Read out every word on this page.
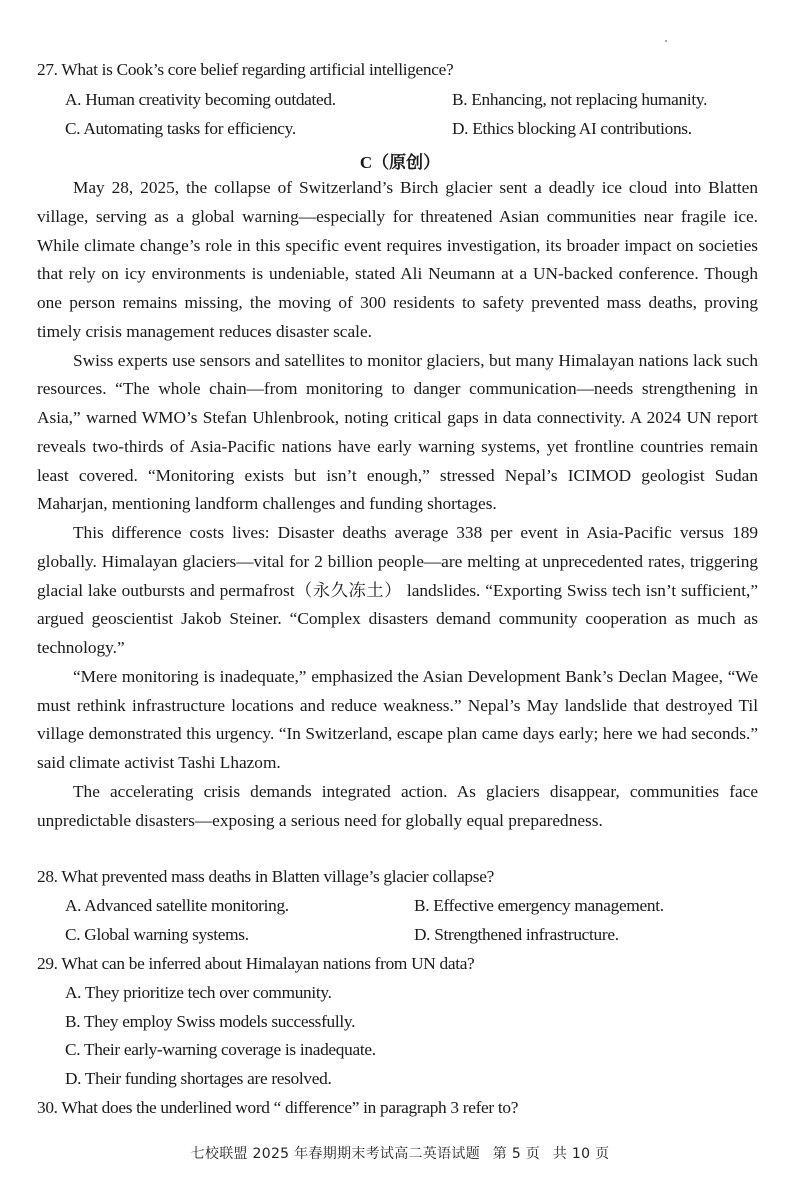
27. What is Cook’s core belief regarding artificial intelligence?
A. Human creativity becoming outdated.	B. Enhancing, not replacing humanity.
C. Automating tasks for efficiency.	D. Ethics blocking AI contributions.
C（原创）

May 28, 2025, the collapse of Switzerland’s Birch glacier sent a deadly ice cloud into Blatten village, serving as a global warning—especially for threatened Asian communities near fragile ice. While climate change’s role in this specific event requires investigation, its broader impact on societies that rely on icy environments is undeniable, stated Ali Neumann at a UN-backed conference. Though one person remains missing, the moving of 300 residents to safety prevented mass deaths, proving timely crisis management reduces disaster scale.

Swiss experts use sensors and satellites to monitor glaciers, but many Himalayan nations lack such resources. “The whole chain—from monitoring to danger communication—needs strengthening in Asia,” warned WMO’s Stefan Uhlenbrook, noting critical gaps in data connectivity. A 2024 UN report reveals two-thirds of Asia-Pacific nations have early warning systems, yet frontline countries remain least covered. “Monitoring exists but isn’t enough,” stressed Nepal’s ICIMOD geologist Sudan Maharjan, mentioning landform challenges and funding shortages.

This difference costs lives: Disaster deaths average 338 per event in Asia-Pacific versus 189 globally. Himalayan glaciers—vital for 2 billion people—are melting at unprecedented rates, triggering glacial lake outbursts and permafrost（永久冻土） landslides. “Exporting Swiss tech isn’t sufficient,” argued geoscientist Jakob Steiner. “Complex disasters demand community cooperation as much as technology.”

“Mere monitoring is inadequate,” emphasized the Asian Development Bank’s Declan Magee, “We must rethink infrastructure locations and reduce weakness.” Nepal’s May landslide that destroyed Til village demonstrated this urgency. “In Switzerland, escape plan came days early; here we had seconds.” said climate activist Tashi Lhazom.

The accelerating crisis demands integrated action. As glaciers disappear, communities face unpredictable disasters—exposing a serious need for globally equal preparedness.

28. What prevented mass deaths in Blatten village’s glacier collapse?
A. Advanced satellite monitoring.	B. Effective emergency management.
C. Global warning systems.	D. Strengthened infrastructure.
29. What can be inferred about Himalayan nations from UN data?
A. They prioritize tech over community.
B. They employ Swiss models successfully.
C. Their early-warning coverage is inadequate.
D. Their funding shortages are resolved.
30. What does the underlined word “ difference” in paragraph 3 refer to?
七校联盟 2025 年春期期末考试高二英语试题 第 5 页 共 10 页
